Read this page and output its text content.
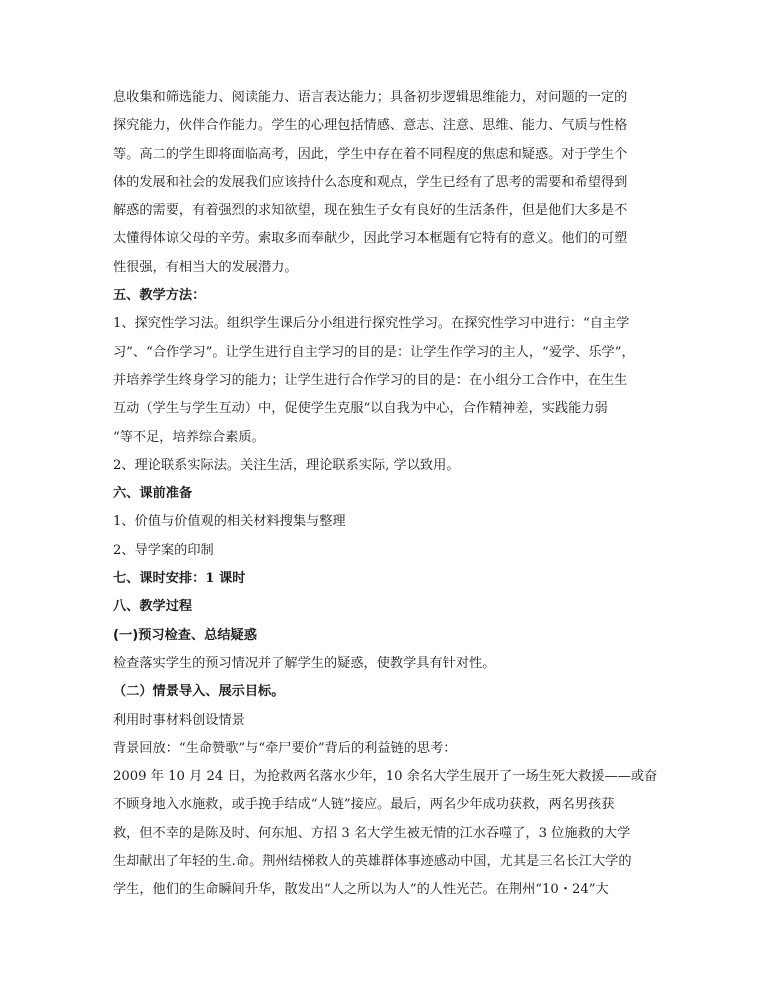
息收集和筛选能力、阅读能力、语言表达能力；具备初步逻辑思维能力，对问题的一定的
探究能力，伙伴合作能力。学生的心理包括情感、意志、注意、思维、能力、气质与性格
等。高二的学生即将面临高考，因此，学生中存在着不同程度的焦虑和疑惑。对于学生个
体的发展和社会的发展我们应该持什么态度和观点，学生已经有了思考的需要和希望得到
解惑的需要，有着强烈的求知欲望，现在独生子女有良好的生活条件，但是他们大多是不
太懂得体谅父母的辛劳。索取多而奉献少，因此学习本框题有它特有的意义。他们的可塑
性很强，有相当大的发展潜力。
五、教学方法：
1、探究性学习法。组织学生课后分小组进行探究性学习。在探究性学习中进行：“自主学
习”、“合作学习”。让学生进行自主学习的目的是：让学生作学习的主人，“爱学、乐学”，
并培养学生终身学习的能力；让学生进行合作学习的目的是：在小组分工合作中，在生生
互动（学生与学生互动）中，促使学生克服“以自我为中心，合作精神差，实践能力弱
“等不足，培养综合素质。
2、理论联系实际法。关注生活，理论联系实际, 学以致用。
六、课前准备
1、价值与价值观的相关材料搜集与整理
2、导学案的印制
七、课时安排：1 课时
八、教学过程
(一)预习检查、总结疑惑
检查落实学生的预习情况并了解学生的疑惑，使教学具有针对性。
（二）情景导入、展示目标。
利用时事材料创设情景
背景回放：“生命赞歌”与“牵尸要价”背后的利益链的思考：
2009 年 10 月 24 日，为抢救两名落水少年，10 余名大学生展开了一场生死大救援——或奋
不顾身地入水施救，或手挽手结成“人链”接应。最后，两名少年成功获救，两名男孩获
救，但不幸的是陈及时、何东旭、方招 3 名大学生被无情的江水吞噬了，3 位施救的大学
生却献出了年轻的生.命。荆州结梯救人的英雄群体事迹感动中国，尤其是三名长江大学的
学生，他们的生命瞬间升华，散发出“人之所以为人”的人性光芒。在荆州“10・24”大
